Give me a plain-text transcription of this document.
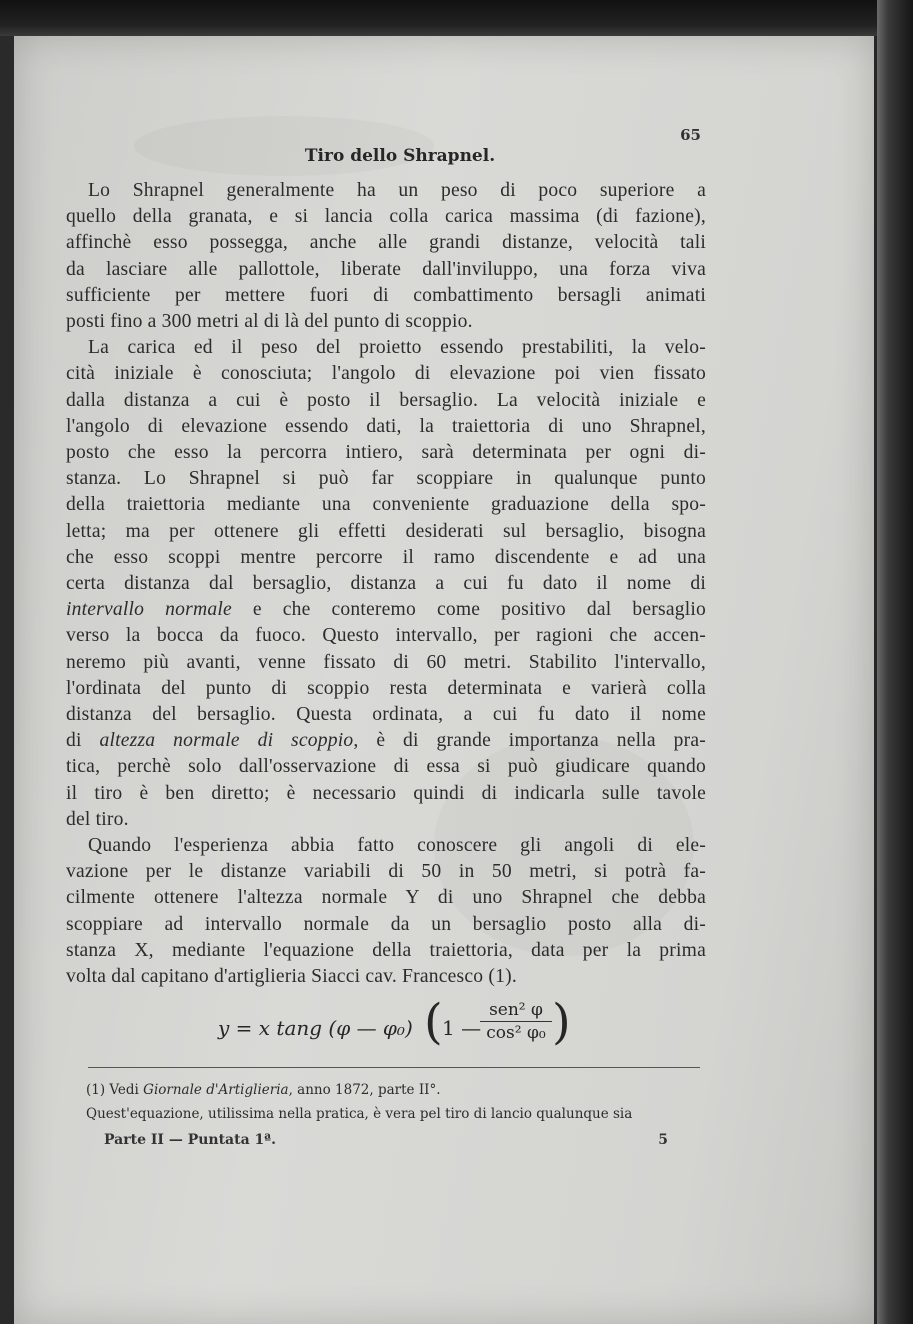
65
Tiro dello Shrapnel.
Lo Shrapnel generalmente ha un peso di poco superiore a
quello della granata, e si lancia colla carica massima (di fazione),
affinchè esso possegga, anche alle grandi distanze, velocità tali
da lasciare alle pallottole, liberate dall'inviluppo, una forza viva
sufficiente per mettere fuori di combattimento bersagli animati
posti fino a 300 metri al di là del punto di scoppio.
La carica ed il peso del proietto essendo prestabiliti, la velo-
cità iniziale è conosciuta; l'angolo di elevazione poi vien fissato
dalla distanza a cui è posto il bersaglio. La velocità iniziale e
l'angolo di elevazione essendo dati, la traiettoria di uno Shrapnel,
posto che esso la percorra intiero, sarà determinata per ogni di-
stanza. Lo Shrapnel si può far scoppiare in qualunque punto
della traiettoria mediante una conveniente graduazione della spo-
letta; ma per ottenere gli effetti desiderati sul bersaglio, bisogna
che esso scoppi mentre percorre il ramo discendente e ad una
certa distanza dal bersaglio, distanza a cui fu dato il nome di
intervallo normale e che conteremo come positivo dal bersaglio
verso la bocca da fuoco. Questo intervallo, per ragioni che accen-
neremo più avanti, venne fissato di 60 metri. Stabilito l'intervallo,
l'ordinata del punto di scoppio resta determinata e varierà colla
distanza del bersaglio. Questa ordinata, a cui fu dato il nome
di altezza normale di scoppio, è di grande importanza nella pra-
tica, perchè solo dall'osservazione di essa si può giudicare quando
il tiro è ben diretto; è necessario quindi di indicarla sulle tavole
del tiro.
Quando l'esperienza abbia fatto conoscere gli angoli di ele-
vazione per le distanze variabili di 50 in 50 metri, si potrà fa-
cilmente ottenere l'altezza normale Y di uno Shrapnel che debba
scoppiare ad intervallo normale da un bersaglio posto alla di-
stanza X, mediante l'equazione della traiettoria, data per la prima
volta dal capitano d'artiglieria Siacci cav. Francesco (1).
y = x tang (φ — φ₀) ( 1 —
sen² φ
cos² φ₀ )
(1) Vedi Giornale d'Artiglieria, anno 1872, parte II°.
Quest'equazione, utilissima nella pratica, è vera pel tiro di lancio qualunque sia
Parte II — Puntata 1ª.	5
